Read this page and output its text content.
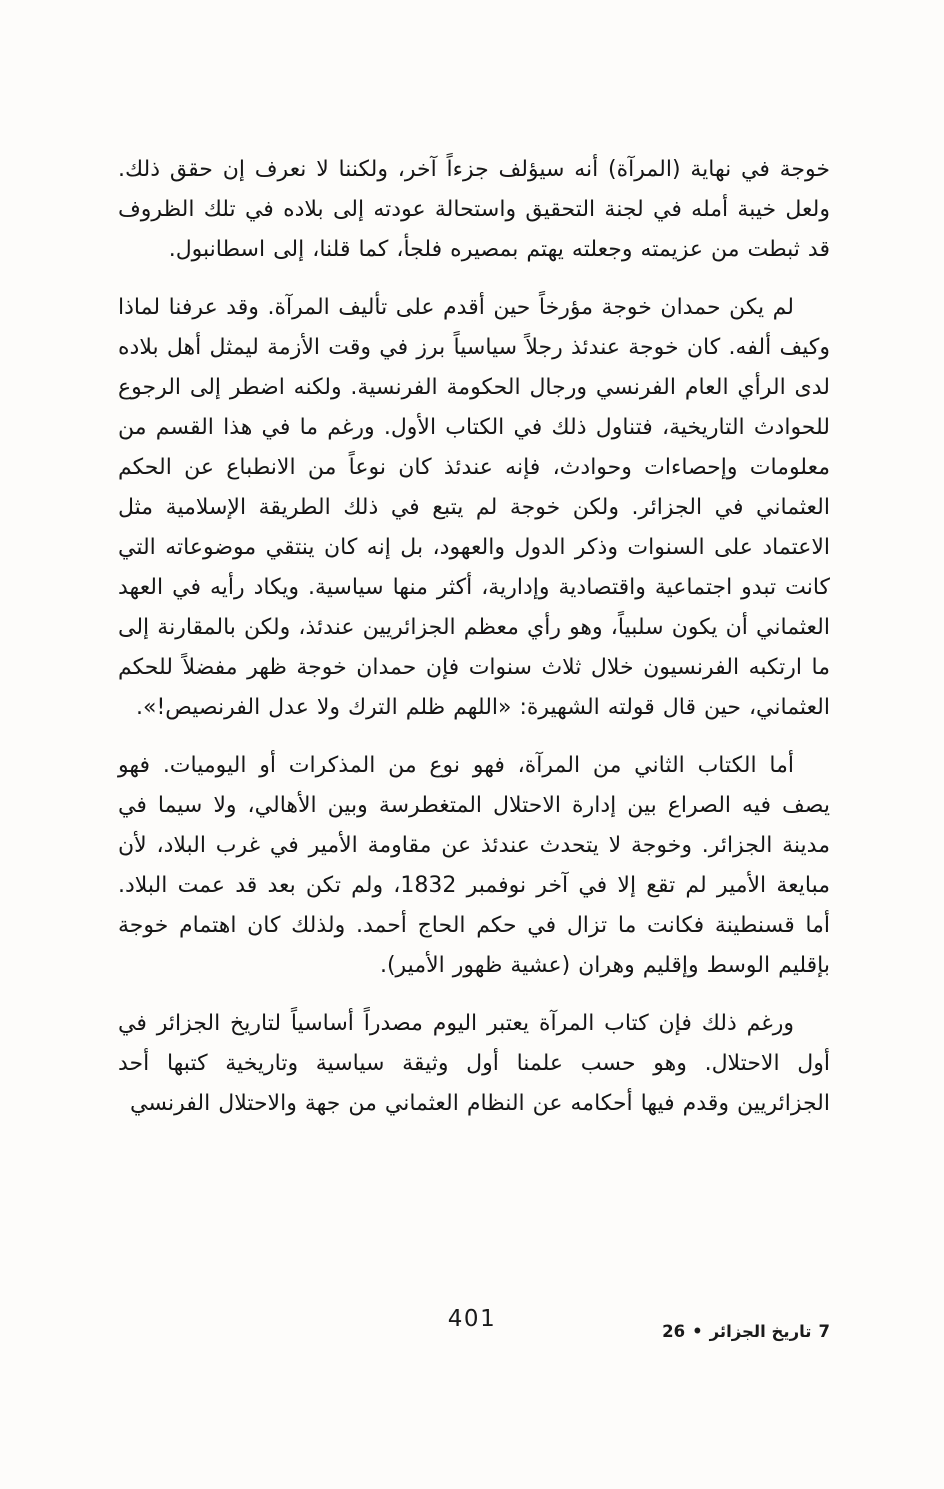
خوجة في نهاية (المرآة) أنه سيؤلف جزءاً آخر، ولكننا لا نعرف إن حقق ذلك. ولعل خيبة أمله في لجنة التحقيق واستحالة عودته إلى بلاده في تلك الظروف قد ثبطت من عزيمته وجعلته يهتم بمصيره فلجأ، كما قلنا، إلى اسطانبول.

لم يكن حمدان خوجة مؤرخاً حين أقدم على تأليف المرآة. وقد عرفنا لماذا وكيف ألفه. كان خوجة عندئذ رجلاً سياسياً برز في وقت الأزمة ليمثل أهل بلاده لدى الرأي العام الفرنسي ورجال الحكومة الفرنسية. ولكنه اضطر إلى الرجوع للحوادث التاريخية، فتناول ذلك في الكتاب الأول. ورغم ما في هذا القسم من معلومات وإحصاءات وحوادث، فإنه عندئذ كان نوعاً من الانطباع عن الحكم العثماني في الجزائر. ولكن خوجة لم يتبع في ذلك الطريقة الإسلامية مثل الاعتماد على السنوات وذكر الدول والعهود، بل إنه كان ينتقي موضوعاته التي كانت تبدو اجتماعية واقتصادية وإدارية، أكثر منها سياسية. ويكاد رأيه في العهد العثماني أن يكون سلبياً، وهو رأي معظم الجزائريين عندئذ، ولكن بالمقارنة إلى ما ارتكبه الفرنسيون خلال ثلاث سنوات فإن حمدان خوجة ظهر مفضلاً للحكم العثماني، حين قال قولته الشهيرة: «اللهم ظلم الترك ولا عدل الفرنصيص!».

أما الكتاب الثاني من المرآة، فهو نوع من المذكرات أو اليوميات. فهو يصف فيه الصراع بين إدارة الاحتلال المتغطرسة وبين الأهالي، ولا سيما في مدينة الجزائر. وخوجة لا يتحدث عندئذ عن مقاومة الأمير في غرب البلاد، لأن مبايعة الأمير لم تقع إلا في آخر نوفمبر 1832، ولم تكن بعد قد عمت البلاد. أما قسنطينة فكانت ما تزال في حكم الحاج أحمد. ولذلك كان اهتمام خوجة بإقليم الوسط وإقليم وهران (عشية ظهور الأمير).

ورغم ذلك فإن كتاب المرآة يعتبر اليوم مصدراً أساسياً لتاريخ الجزائر في أول الاحتلال. وهو حسب علمنا أول وثيقة سياسية وتاريخية كتبها أحد الجزائريين وقدم فيها أحكامه عن النظام العثماني من جهة والاحتلال الفرنسي

401	26 • تاريخ الجزائر 7
